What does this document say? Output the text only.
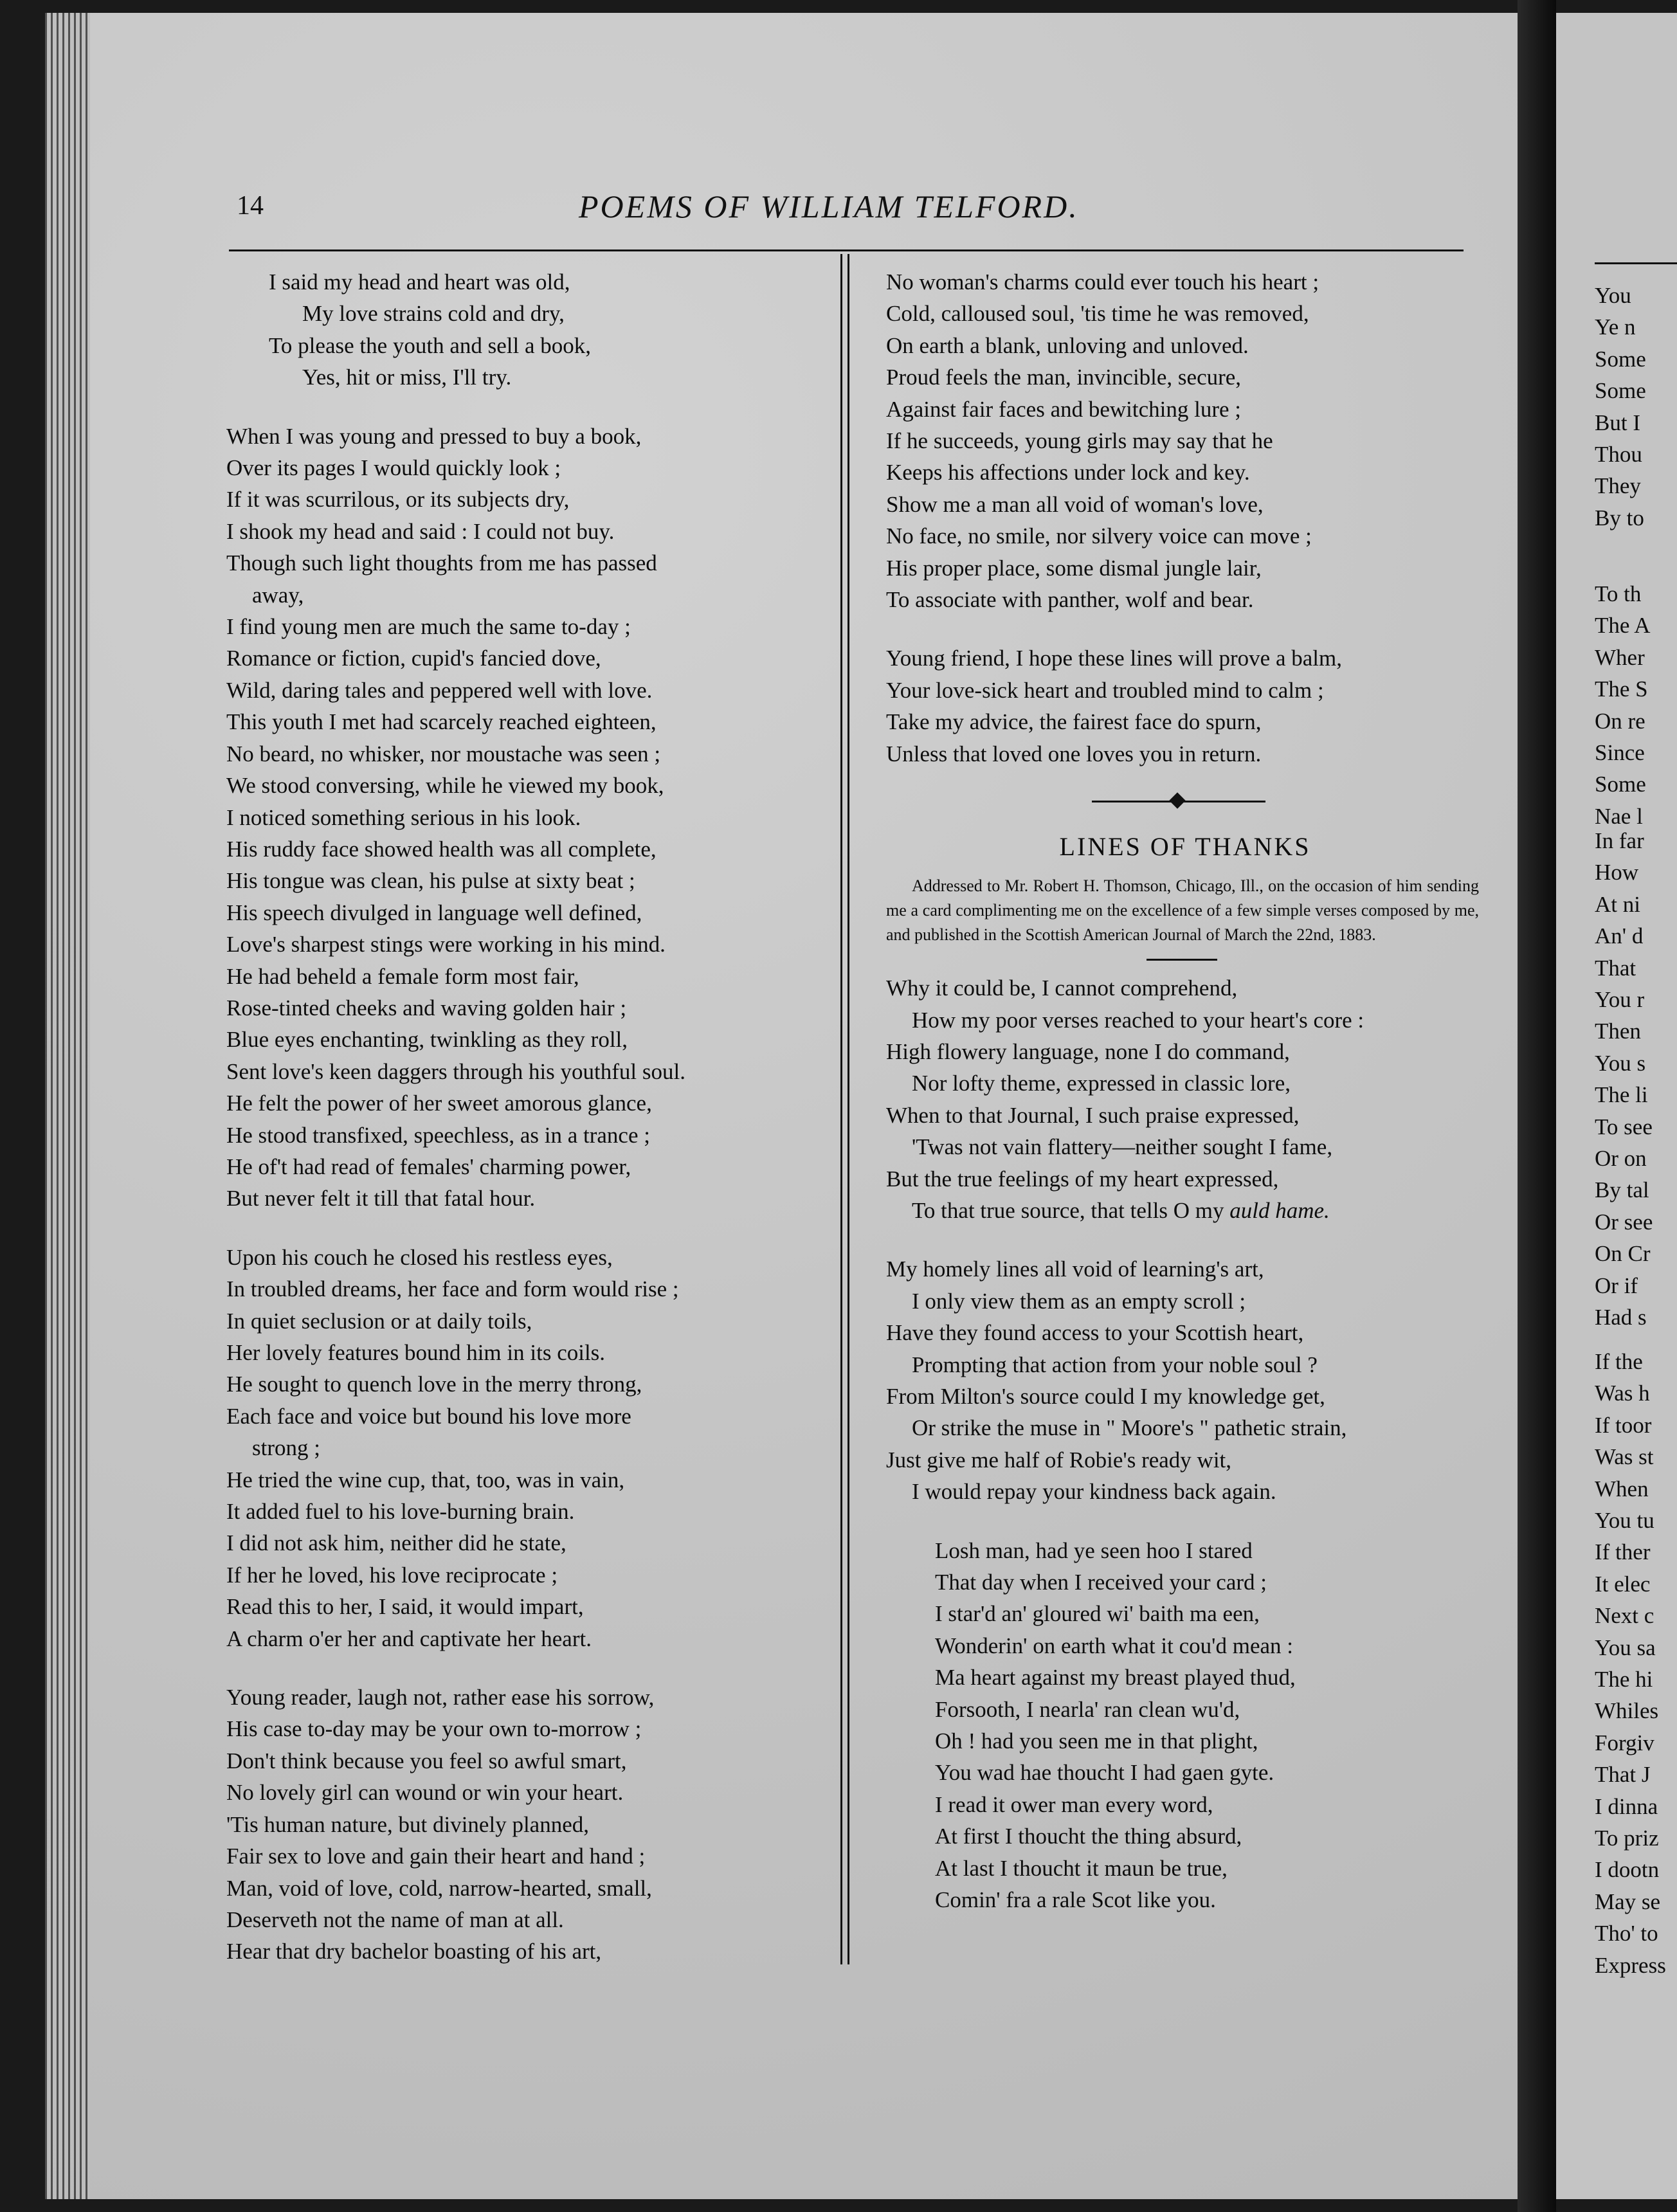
You
Ye n
Some
Some
But I
Thou
They
By to
To th
The A
Wher
The S
On re
Since
Some
Nae l
In far
How
At ni
An' d
That
You r
Then
You s
The li
To see
Or on
By tal
Or see
On Cr
Or if
Had s
If the
Was h
If toor
Was st
When
You tu
If ther
It elec
Next c
You sa
The hi
Whiles
Forgiv
That J
I dinna
To priz
I dootn
May se
Tho' to
Express
14	POEMS OF WILLIAM TELFORD.
I said my head and heart was old,
My love strains cold and dry,
To please the youth and sell a book,
Yes, hit or miss, I'll try.
When I was young and pressed to buy a book,
Over its pages I would quickly look ;
If it was scurrilous, or its subjects dry,
I shook my head and said : I could not buy.
Though such light thoughts from me has passed
away,
I find young men are much the same to-day ;
Romance or fiction, cupid's fancied dove,
Wild, daring tales and peppered well with love.
This youth I met had scarcely reached eighteen,
No beard, no whisker, nor moustache was seen ;
We stood conversing, while he viewed my book,
I noticed something serious in his look.
His ruddy face showed health was all complete,
His tongue was clean, his pulse at sixty beat ;
His speech divulged in language well defined,
Love's sharpest stings were working in his mind.
He had beheld a female form most fair,
Rose-tinted cheeks and waving golden hair ;
Blue eyes enchanting, twinkling as they roll,
Sent love's keen daggers through his youthful soul.
He felt the power of her sweet amorous glance,
He stood transfixed, speechless, as in a trance ;
He of't had read of females' charming power,
But never felt it till that fatal hour.
Upon his couch he closed his restless eyes,
In troubled dreams, her face and form would rise ;
In quiet seclusion or at daily toils,
Her lovely features bound him in its coils.
He sought to quench love in the merry throng,
Each face and voice but bound his love more
strong ;
He tried the wine cup, that, too, was in vain,
It added fuel to his love-burning brain.
I did not ask him, neither did he state,
If her he loved, his love reciprocate ;
Read this to her, I said, it would impart,
A charm o'er her and captivate her heart.
Young reader, laugh not, rather ease his sorrow,
His case to-day may be your own to-morrow ;
Don't think because you feel so awful smart,
No lovely girl can wound or win your heart.
'Tis human nature, but divinely planned,
Fair sex to love and gain their heart and hand ;
Man, void of love, cold, narrow-hearted, small,
Deserveth not the name of man at all.
Hear that dry bachelor boasting of his art,
No woman's charms could ever touch his heart ;
Cold, calloused soul, 'tis time he was removed,
On earth a blank, unloving and unloved.
Proud feels the man, invincible, secure,
Against fair faces and bewitching lure ;
If he succeeds, young girls may say that he
Keeps his affections under lock and key.
Show me a man all void of woman's love,
No face, no smile, nor silvery voice can move ;
His proper place, some dismal jungle lair,
To associate with panther, wolf and bear.
Young friend, I hope these lines will prove a balm,
Your love-sick heart and troubled mind to calm ;
Take my advice, the fairest face do spurn,
Unless that loved one loves you in return.
LINES OF THANKS
Addressed to Mr. Robert H. Thomson, Chicago, Ill., on the occasion of him sending me a card complimenting me on the excellence of a few simple verses composed by me, and published in the Scottish American Journal of March the 22nd, 1883.
Why it could be, I cannot comprehend,
How my poor verses reached to your heart's core :
High flowery language, none I do command,
Nor lofty theme, expressed in classic lore,
When to that Journal, I such praise expressed,
'Twas not vain flattery—neither sought I fame,
But the true feelings of my heart expressed,
To that true source, that tells O my auld hame.
My homely lines all void of learning's art,
I only view them as an empty scroll ;
Have they found access to your Scottish heart,
Prompting that action from your noble soul ?
From Milton's source could I my knowledge get,
Or strike the muse in " Moore's " pathetic strain,
Just give me half of Robie's ready wit,
I would repay your kindness back again.
Losh man, had ye seen hoo I stared
That day when I received your card ;
I star'd an' gloured wi' baith ma een,
Wonderin' on earth what it cou'd mean :
Ma heart against my breast played thud,
Forsooth, I nearla' ran clean wu'd,
Oh ! had you seen me in that plight,
You wad hae thoucht I had gaen gyte.
I read it ower man every word,
At first I thoucht the thing absurd,
At last I thoucht it maun be true,
Comin' fra a rale Scot like you.
